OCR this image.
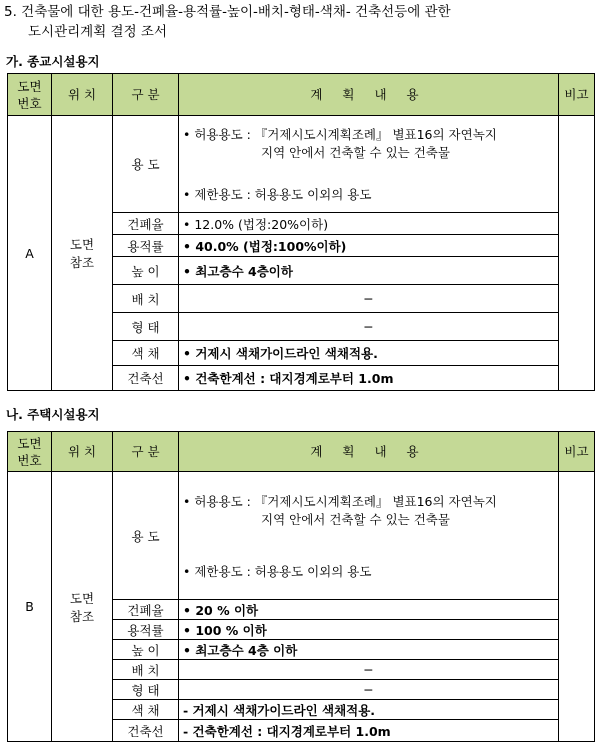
5. 건축물에 대한 용도-건폐율-용적률-높이-배치-형태-색채- 건축선등에 관한
도시관리계획 결정 조서
가. 종교시설용지
도면
번호	위 치	구 분	계 획 내 용	비고
A	도면
참조	용 도	• 허용용도 : 『거제시도시계획조례』 별표16의 자연녹지
지역 안에서 건축할 수 있는 건축물
• 제한용도 : 허용용도 이외의 용도	

		건폐율	• 12.0% (법정:20%이하)	
		용적률	• 40.0% (법정:100%이하)	
		높 이	• 최고층수 4층이하	
		배 치	−	
		형 태	−	
		색 채	• 거제시 색채가이드라인 색채적용.	
		건축선	• 건축한계선 : 대지경계로부터 1.0m	
나. 주택시설용지
도면
번호	위 치	구 분	계 획 내 용	비고
B	도면
참조	용 도	• 허용용도 : 『거제시도시계획조례』 별표16의 자연녹지
지역 안에서 건축할 수 있는 건축물
• 제한용도 : 허용용도 이외의 용도	

		건폐율	• 20 % 이하	
		용적률	• 100 % 이하	
		높 이	• 최고층수 4층 이하	
		배 치	−	
		형 태	−	
		색 채	- 거제시 색채가이드라인 색채적용.	
		건축선	- 건축한계선 : 대지경계로부터 1.0m	
